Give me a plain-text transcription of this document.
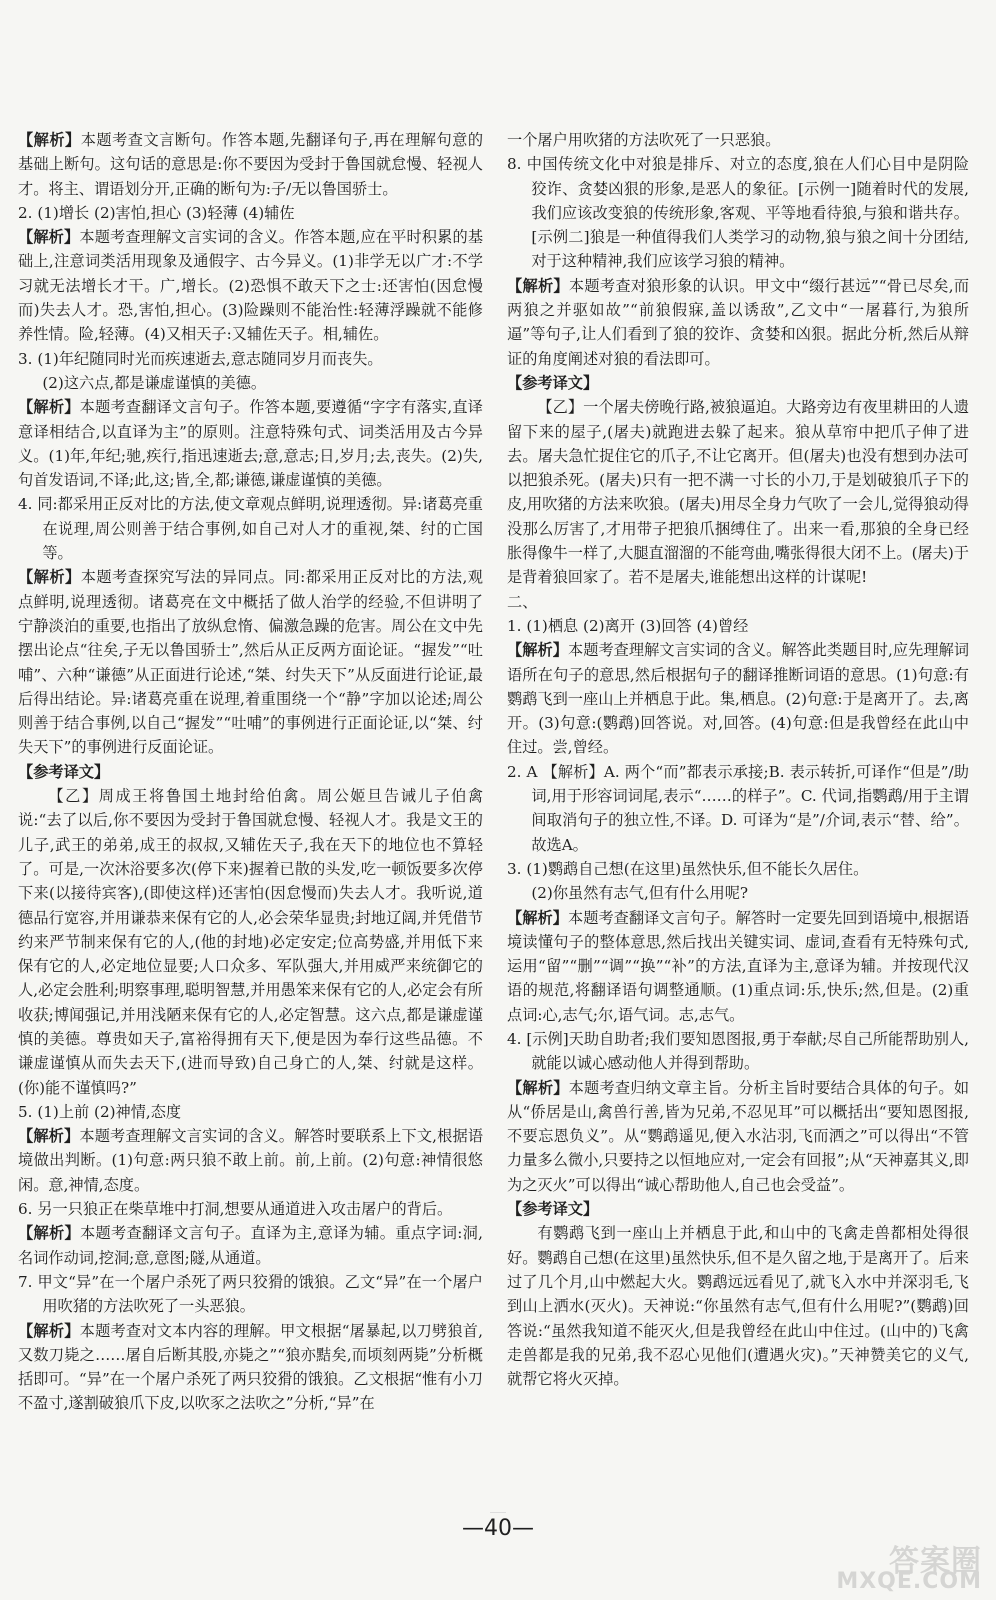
【解析】本题考查文言断句。作答本题,先翻译句子,再在理解句意的基础上断句。这句话的意思是:你不要因为受封于鲁国就怠慢、轻视人才。将主、谓语划分开,正确的断句为:子/无以鲁国骄士。

2. (1)增长 (2)害怕,担心 (3)轻薄 (4)辅佐

【解析】本题考查理解文言实词的含义。作答本题,应在平时积累的基础上,注意词类活用现象及通假字、古今异义。(1)非学无以广才:不学习就无法增长才干。广,增长。(2)恐惧不敢天下之士:还害怕(因怠慢而)失去人才。恐,害怕,担心。(3)险躁则不能治性:轻薄浮躁就不能修养性情。险,轻薄。(4)又相天子:又辅佐天子。相,辅佐。

3. (1)年纪随同时光而疾速逝去,意志随同岁月而丧失。

(2)这六点,都是谦虚谨慎的美德。

【解析】本题考查翻译文言句子。作答本题,要遵循“字字有落实,直译意译相结合,以直译为主”的原则。注意特殊句式、词类活用及古今异义。(1)年,年纪;驰,疾行,指迅速逝去;意,意志;日,岁月;去,丧失。(2)失,句首发语词,不译;此,这;皆,全,都;谦德,谦虚谨慎的美德。

4. 同:都采用正反对比的方法,使文章观点鲜明,说理透彻。异:诸葛亮重在说理,周公则善于结合事例,如自己对人才的重视,桀、纣的亡国等。

【解析】本题考查探究写法的异同点。同:都采用正反对比的方法,观点鲜明,说理透彻。诸葛亮在文中概括了做人治学的经验,不但讲明了宁静淡泊的重要,也指出了放纵怠惰、偏激急躁的危害。周公在文中先摆出论点“往矣,子无以鲁国骄士”,然后从正反两方面论证。“握发”“吐哺”、六种“谦德”从正面进行论述,“桀、纣失天下”从反面进行论证,最后得出结论。异:诸葛亮重在说理,着重围绕一个“静”字加以论述;周公则善于结合事例,以自己“握发”“吐哺”的事例进行正面论证,以“桀、纣失天下”的事例进行反面论证。

【参考译文】

【乙】周成王将鲁国土地封给伯禽。周公姬旦告诫儿子伯禽说:“去了以后,你不要因为受封于鲁国就怠慢、轻视人才。我是文王的儿子,武王的弟弟,成王的叔叔,又辅佐天子,我在天下的地位也不算轻了。可是,一次沐浴要多次(停下来)握着已散的头发,吃一顿饭要多次停下来(以接待宾客),(即使这样)还害怕(因怠慢而)失去人才。我听说,道德品行宽容,并用谦恭来保有它的人,必会荣华显贵;封地辽阔,并凭借节约来严节制来保有它的人,(他的封地)必定安定;位高势盛,并用低下来保有它的人,必定地位显要;人口众多、军队强大,并用威严来统御它的人,必定会胜利;明察事理,聪明智慧,并用愚笨来保有它的人,必定会有所收获;博闻强记,并用浅陋来保有它的人,必定智慧。这六点,都是谦虚谨慎的美德。尊贵如天子,富裕得拥有天下,便是因为奉行这些品德。不谦虚谨慎从而失去天下,(进而导致)自己身亡的人,桀、纣就是这样。(你)能不谨慎吗?”

5. (1)上前 (2)神情,态度

【解析】本题考查理解文言实词的含义。解答时要联系上下文,根据语境做出判断。(1)句意:两只狼不敢上前。前,上前。(2)句意:神情很悠闲。意,神情,态度。

6. 另一只狼正在柴草堆中打洞,想要从通道进入攻击屠户的背后。

【解析】本题考查翻译文言句子。直译为主,意译为辅。重点字词:洞,名词作动词,挖洞;意,意图;隧,从通道。

7. 甲文“异”在一个屠户杀死了两只狡猾的饿狼。乙文“异”在一个屠户用吹猪的方法吹死了一头恶狼。

【解析】本题考查对文本内容的理解。甲文根据“屠暴起,以刀劈狼首,又数刀毙之……屠自后断其股,亦毙之”“狼亦黠矣,而顷刻两毙”分析概括即可。“异”在一个屠户杀死了两只狡猾的饿狼。乙文根据“惟有小刀不盈寸,遂割破狼爪下皮,以吹豕之法吹之”分析,“异”在

一个屠户用吹猪的方法吹死了一只恶狼。

8. 中国传统文化中对狼是排斥、对立的态度,狼在人们心目中是阴险狡诈、贪婪凶狠的形象,是恶人的象征。[示例一]随着时代的发展,我们应该改变狼的传统形象,客观、平等地看待狼,与狼和谐共存。[示例二]狼是一种值得我们人类学习的动物,狼与狼之间十分团结,对于这种精神,我们应该学习狼的精神。

【解析】本题考查对狼形象的认识。甲文中“缀行甚远”“骨已尽矣,而两狼之并驱如故”“前狼假寐,盖以诱敌”,乙文中“一屠暮行,为狼所逼”等句子,让人们看到了狼的狡诈、贪婪和凶狠。据此分析,然后从辩证的角度阐述对狼的看法即可。

【参考译文】

【乙】一个屠夫傍晚行路,被狼逼迫。大路旁边有夜里耕田的人遗留下来的屋子,(屠夫)就跑进去躲了起来。狼从草帘中把爪子伸了进去。屠夫急忙捉住它的爪子,不让它离开。但(屠夫)也没有想到办法可以把狼杀死。(屠夫)只有一把不满一寸长的小刀,于是划破狼爪子下的皮,用吹猪的方法来吹狼。(屠夫)用尽全身力气吹了一会儿,觉得狼动得没那么厉害了,才用带子把狼爪捆缚住了。出来一看,那狼的全身已经胀得像牛一样了,大腿直溜溜的不能弯曲,嘴张得很大闭不上。(屠夫)于是背着狼回家了。若不是屠夫,谁能想出这样的计谋呢!

二、

1. (1)栖息 (2)离开 (3)回答 (4)曾经

【解析】本题考查理解文言实词的含义。解答此类题目时,应先理解词语所在句子的意思,然后根据句子的翻译推断词语的意思。(1)句意:有鹦鹉飞到一座山上并栖息于此。集,栖息。(2)句意:于是离开了。去,离开。(3)句意:(鹦鹉)回答说。对,回答。(4)句意:但是我曾经在此山中住过。尝,曾经。

2. A 【解析】A. 两个“而”都表示承接;B. 表示转折,可译作“但是”/助词,用于形容词词尾,表示“……的样子”。C. 代词,指鹦鹉/用于主谓间取消句子的独立性,不译。D. 可译为“是”/介词,表示“替、给”。故选A。

3. (1)鹦鹉自己想(在这里)虽然快乐,但不能长久居住。

(2)你虽然有志气,但有什么用呢?

【解析】本题考查翻译文言句子。解答时一定要先回到语境中,根据语境读懂句子的整体意思,然后找出关键实词、虚词,查看有无特殊句式,运用“留”“删”“调”“换”“补”的方法,直译为主,意译为辅。并按现代汉语的规范,将翻译语句调整通顺。(1)重点词:乐,快乐;然,但是。(2)重点词:心,志气;尔,语气词。志,志气。

4. [示例]天助自助者;我们要知恩图报,勇于奉献;尽自己所能帮助别人,就能以诚心感动他人并得到帮助。

【解析】本题考查归纳文章主旨。分析主旨时要结合具体的句子。如从“侨居是山,禽兽行善,皆为兄弟,不忍见耳”可以概括出“要知恩图报,不要忘恩负义”。从“鹦鹉遥见,便入水沾羽,飞而洒之”可以得出“不管力量多么微小,只要持之以恒地应对,一定会有回报”;从“天神嘉其义,即为之灭火”可以得出“诚心帮助他人,自己也会受益”。

【参考译文】

有鹦鹉飞到一座山上并栖息于此,和山中的飞禽走兽都相处得很好。鹦鹉自己想(在这里)虽然快乐,但不是久留之地,于是离开了。后来过了几个月,山中燃起大火。鹦鹉远远看见了,就飞入水中并深羽毛,飞到山上洒水(灭火)。天神说:“你虽然有志气,但有什么用呢?”(鹦鹉)回答说:“虽然我知道不能灭火,但是我曾经在此山中住过。(山中的)飞禽走兽都是我的兄弟,我不忍心见他们(遭遇火灾)。”天神赞美它的义气,就帮它将火灭掉。

—40—
答案圈
MXQE.COM
